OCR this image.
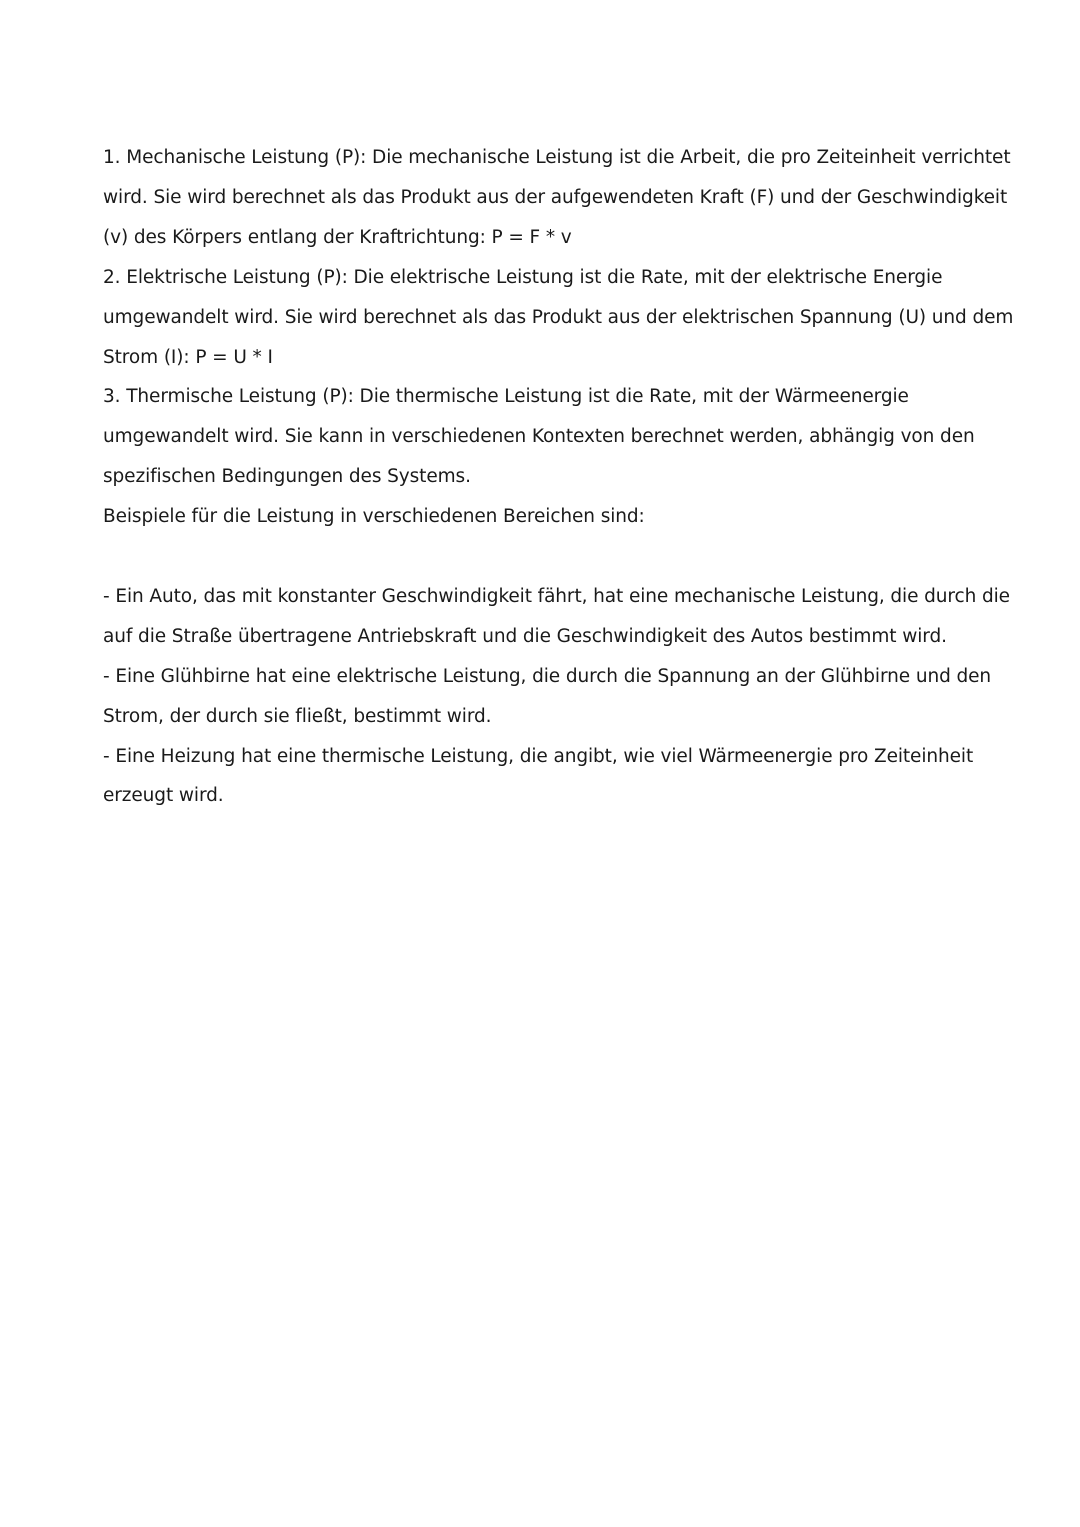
1. Mechanische Leistung (P): Die mechanische Leistung ist die Arbeit, die pro Zeiteinheit verrichtet
wird. Sie wird berechnet als das Produkt aus der aufgewendeten Kraft (F) und der Geschwindigkeit
(v) des Körpers entlang der Kraftrichtung: P = F * v

2. Elektrische Leistung (P): Die elektrische Leistung ist die Rate, mit der elektrische Energie
umgewandelt wird. Sie wird berechnet als das Produkt aus der elektrischen Spannung (U) und dem
Strom (I): P = U * I

3. Thermische Leistung (P): Die thermische Leistung ist die Rate, mit der Wärmeenergie
umgewandelt wird. Sie kann in verschiedenen Kontexten berechnet werden, abhängig von den
spezifischen Bedingungen des Systems.

Beispiele für die Leistung in verschiedenen Bereichen sind:

- Ein Auto, das mit konstanter Geschwindigkeit fährt, hat eine mechanische Leistung, die durch die
auf die Straße übertragene Antriebskraft und die Geschwindigkeit des Autos bestimmt wird.

- Eine Glühbirne hat eine elektrische Leistung, die durch die Spannung an der Glühbirne und den
Strom, der durch sie fließt, bestimmt wird.

- Eine Heizung hat eine thermische Leistung, die angibt, wie viel Wärmeenergie pro Zeiteinheit
erzeugt wird.
